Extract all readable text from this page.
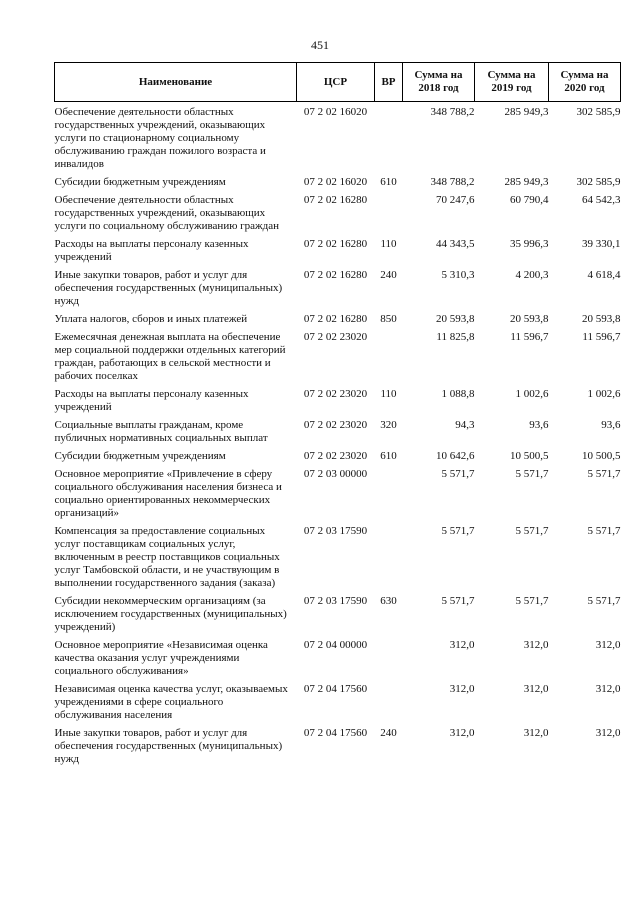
451
Наименование	ЦСР	ВР	Сумма на 2018 год	Сумма на 2019 год	Сумма на 2020 год
Обеспечение деятельности областных государственных учреждений, оказывающих услуги по стационарному социальному обслуживанию граждан пожилого возраста и инвалидов	07 2 02 16020		348 788,2	285 949,3	302 585,9
Субсидии бюджетным учреждениям	07 2 02 16020	610	348 788,2	285 949,3	302 585,9
Обеспечение деятельности областных государственных учреждений, оказывающих услуги по социальному обслуживанию граждан	07 2 02 16280		70 247,6	60 790,4	64 542,3
Расходы на выплаты персоналу казенных учреждений	07 2 02 16280	110	44 343,5	35 996,3	39 330,1
Иные закупки товаров, работ и услуг для обеспечения государственных (муниципальных) нужд	07 2 02 16280	240	5 310,3	4 200,3	4 618,4
Уплата налогов, сборов и иных платежей	07 2 02 16280	850	20 593,8	20 593,8	20 593,8
Ежемесячная денежная выплата на обеспечение мер социальной поддержки отдельных категорий граждан, работающих в сельской местности и рабочих поселках	07 2 02 23020		11 825,8	11 596,7	11 596,7
Расходы на выплаты персоналу казенных учреждений	07 2 02 23020	110	1 088,8	1 002,6	1 002,6
Социальные выплаты гражданам, кроме публичных нормативных социальных выплат	07 2 02 23020	320	94,3	93,6	93,6
Субсидии бюджетным учреждениям	07 2 02 23020	610	10 642,6	10 500,5	10 500,5
Основное мероприятие «Привлечение в сферу социального обслуживания населения бизнеса и социально ориентированных некоммерческих организаций»	07 2 03 00000		5 571,7	5 571,7	5 571,7
Компенсация за предоставление социальных услуг поставщикам социальных услуг, включенным в реестр поставщиков социальных услуг Тамбовской области, и не участвующим в выполнении государственного задания (заказа)	07 2 03 17590		5 571,7	5 571,7	5 571,7
Субсидии некоммерческим организациям (за исключением государственных (муниципальных) учреждений)	07 2 03 17590	630	5 571,7	5 571,7	5 571,7
Основное мероприятие «Независимая оценка качества оказания услуг учреждениями социального обслуживания»	07 2 04 00000		312,0	312,0	312,0
Независимая оценка качества услуг, оказываемых учреждениями в сфере социального обслуживания населения	07 2 04 17560		312,0	312,0	312,0
Иные закупки товаров, работ и услуг для обеспечения государственных (муниципальных) нужд	07 2 04 17560	240	312,0	312,0	312,0
